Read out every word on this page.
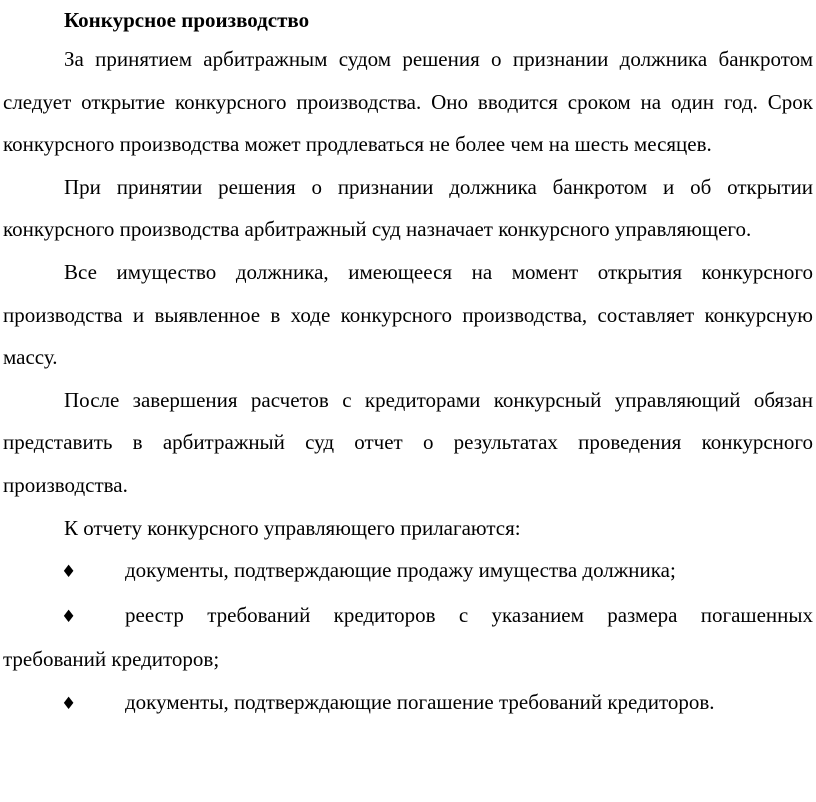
Конкурсное производство

За принятием арбитражным судом решения о признании должника банкротом следует открытие конкурсного производства. Оно вводится сроком на один год. Срок конкурсного производства может продлеваться не более чем на шесть месяцев.

При принятии решения о признании должника банкротом и об открытии конкурсного производства арбитражный суд назначает конкурсного управляющего.

Все имущество должника, имеющееся на момент открытия конкурсного производства и выявленное в ходе конкурсного производства, составляет конкурсную массу.

После завершения расчетов с кредиторами конкурсный управляющий обязан представить в арбитражный суд отчет о результатах проведения конкурсного производства.

К отчету конкурсного управляющего прилагаются:

♦ документы, подтверждающие продажу имущества должника;

♦ реестр требований кредиторов с указанием размера погашенных требований кредиторов;

♦ документы, подтверждающие погашение требований кредиторов.
